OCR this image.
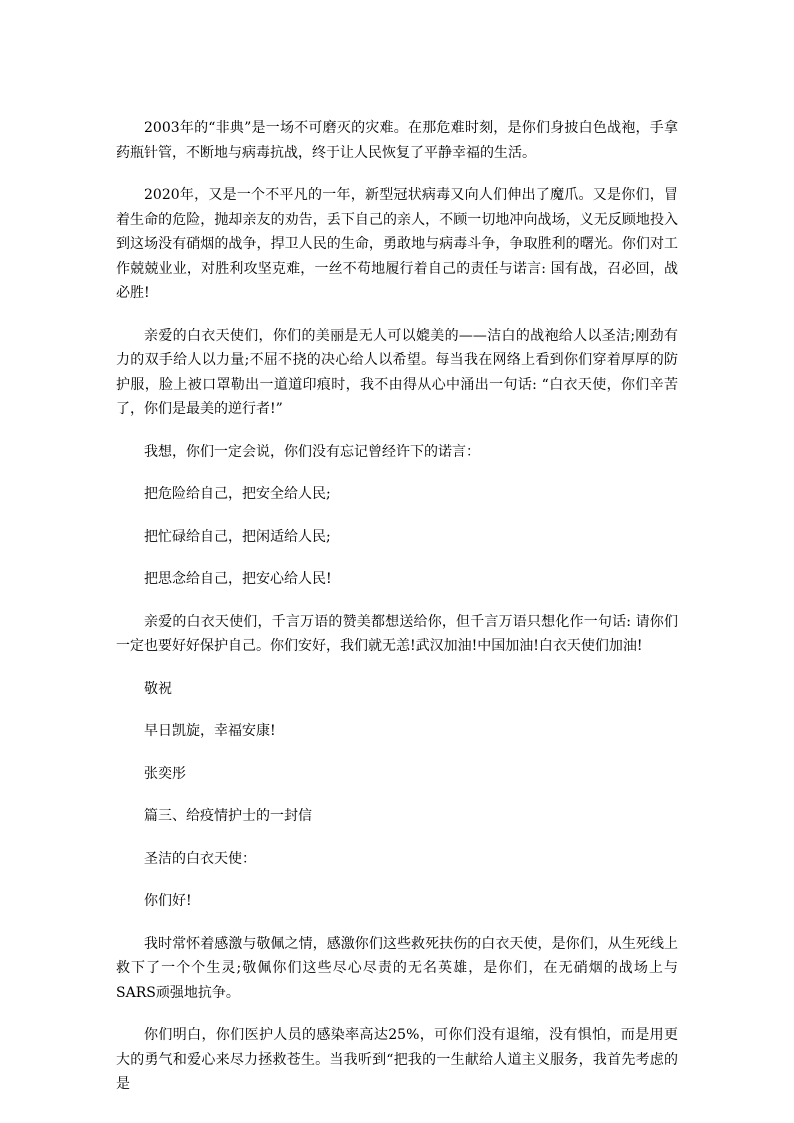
2003年的“非典”是一场不可磨灭的灾难。在那危难时刻，是你们身披白色战袍，手拿药瓶针管，不断地与病毒抗战，终于让人民恢复了平静幸福的生活。

2020年，又是一个不平凡的一年，新型冠状病毒又向人们伸出了魔爪。又是你们，冒着生命的危险，抛却亲友的劝告，丢下自己的亲人，不顾一切地冲向战场，义无反顾地投入到这场没有硝烟的战争，捍卫人民的生命，勇敢地与病毒斗争，争取胜利的曙光。你们对工作兢兢业业，对胜利攻坚克难，一丝不苟地履行着自己的责任与诺言: 国有战，召必回，战必胜!

亲爱的白衣天使们，你们的美丽是无人可以媲美的——洁白的战袍给人以圣洁;刚劲有力的双手给人以力量;不屈不挠的决心给人以希望。每当我在网络上看到你们穿着厚厚的防护服，脸上被口罩勒出一道道印痕时，我不由得从心中涌出一句话: “白衣天使，你们辛苦了，你们是最美的逆行者!”

我想，你们一定会说，你们没有忘记曾经许下的诺言：

把危险给自己，把安全给人民;

把忙碌给自己，把闲适给人民;

把思念给自己，把安心给人民!

亲爱的白衣天使们，千言万语的赞美都想送给你，但千言万语只想化作一句话: 请你们一定也要好好保护自己。你们安好，我们就无恙!武汉加油!中国加油!白衣天使们加油!

敬祝

早日凯旋，幸福安康!

张奕彤

篇三、给疫情护士的一封信

圣洁的白衣天使：

你们好!

我时常怀着感激与敬佩之情，感激你们这些救死扶伤的白衣天使，是你们，从生死线上救下了一个个生灵;敬佩你们这些尽心尽责的无名英雄，是你们，在无硝烟的战场上与SARS顽强地抗争。

你们明白，你们医护人员的感染率高达25%，可你们没有退缩，没有惧怕，而是用更大的勇气和爱心来尽力拯救苍生。当我听到“把我的一生献给人道主义服务，我首先考虑的是
